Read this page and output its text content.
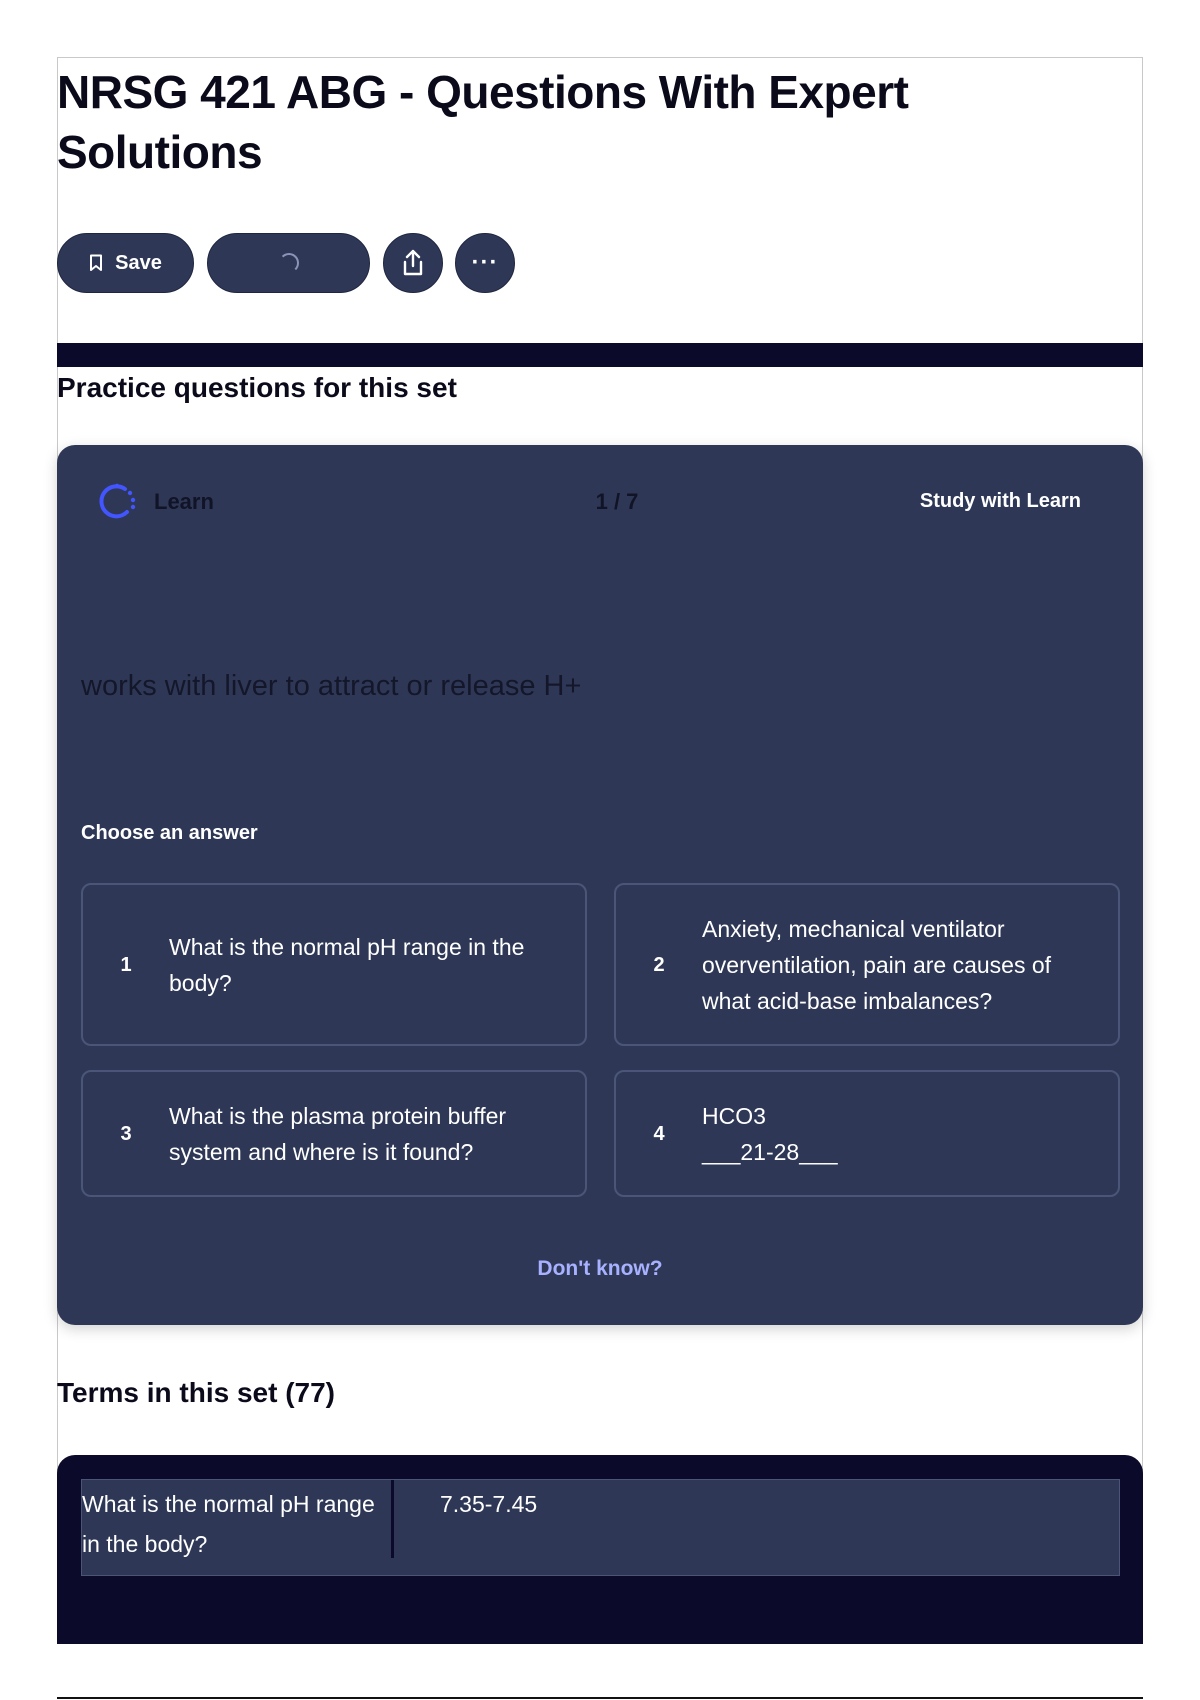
NRSG 421 ABG - Questions With Expert Solutions
Save	···
Practice questions for this set
Learn	1 / 7	Study with Learn
works with liver to attract or release H+
Choose an answer
1
What is the normal pH range in the body?
2
Anxiety, mechanical ventilator overventilation, pain are causes of what acid-base imbalances?
3
What is the plasma protein buffer system and where is it found?
4
HCO3
___21-28___
Don't know?
Terms in this set (77)
What is the normal pH range in the body?
7.35-7.45
